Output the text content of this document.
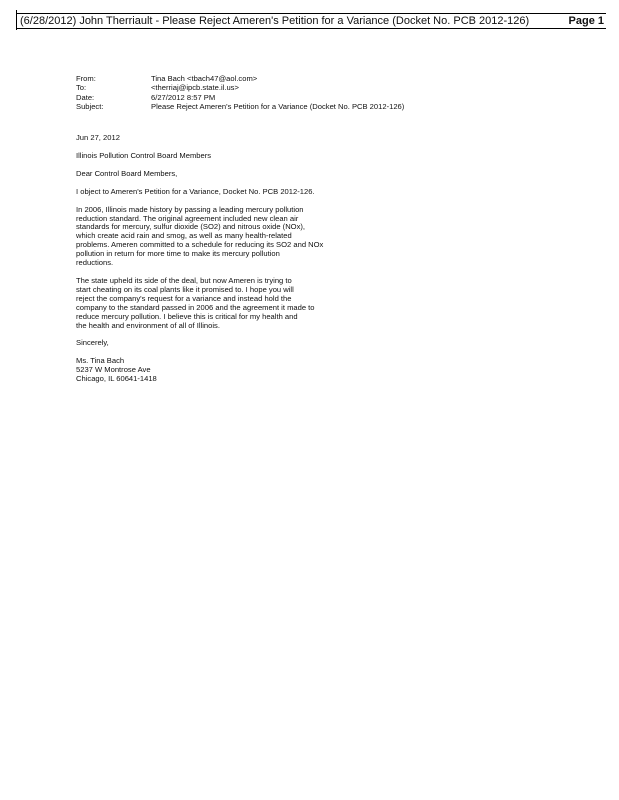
(6/28/2012) John Therriault - Please Reject Ameren's Petition for a Variance (Docket No. PCB 2012-126)	Page 1
From:	Tina Bach <tbach47@aol.com>
To:	<therriaj@ipcb.state.il.us>
Date:	6/27/2012 8:57 PM
Subject:	Please Reject Ameren's Petition for a Variance (Docket No. PCB 2012-126)

Jun 27, 2012

Illinois Pollution Control Board Members

Dear Control Board Members,

I object to Ameren's Petition for a Variance, Docket No. PCB 2012-126.

In 2006, Illinois made history by passing a leading mercury pollution
reduction standard. The original agreement included new clean air
standards for mercury, sulfur dioxide (SO2) and nitrous oxide (NOx),
which create acid rain and smog, as well as many health-related
problems. Ameren committed to a schedule for reducing its SO2 and NOx
pollution in return for more time to make its mercury pollution
reductions.

The state upheld its side of the deal, but now Ameren is trying to
start cheating on its coal plants like it promised to. I hope you will
reject the company's request for a variance and instead hold the
company to the standard passed in 2006 and the agreement it made to
reduce mercury pollution. I believe this is critical for my health and
the health and environment of all of Illinois.

Sincerely,

Ms. Tina Bach
5237 W Montrose Ave
Chicago, IL 60641-1418
